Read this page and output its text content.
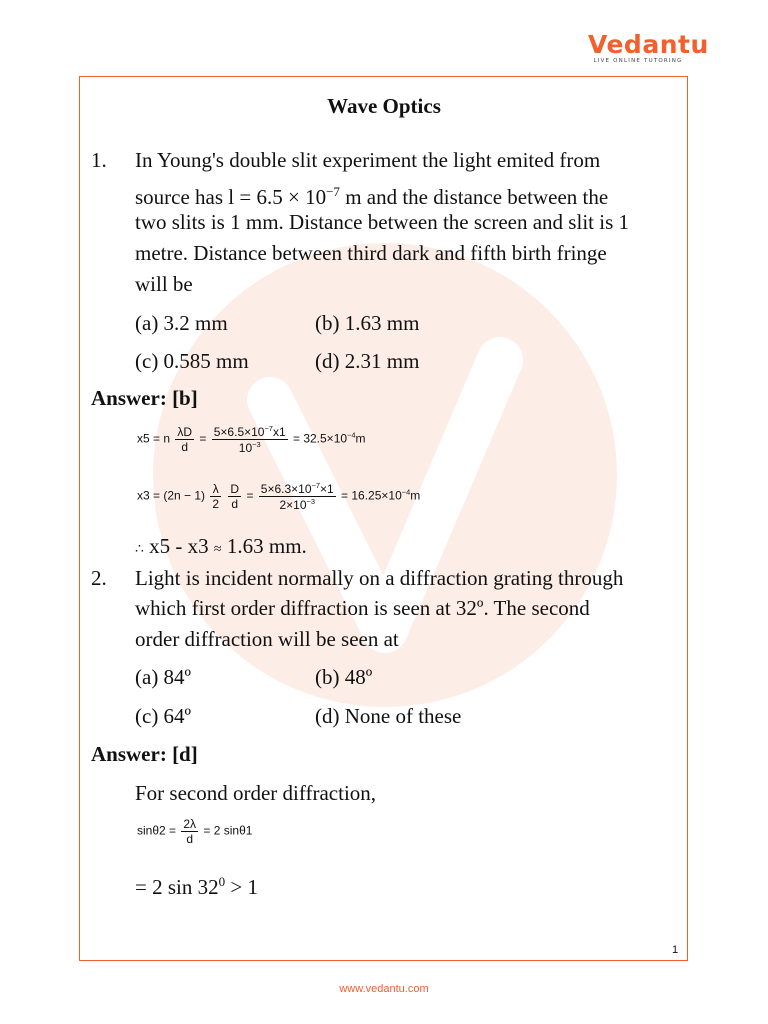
Vedantu
LIVE ONLINE TUTORING
Wave Optics
1. In Young's double slit experiment the light emited from
source has $l = 6.5 \times 10^{-7}$ m and the distance between the
two slits is 1 mm. Distance between the screen and slit is 1
metre. Distance between third dark and fifth birth fringe
will be
(a) 3.2 mm	(b) 1.63 mm
(c) 0.585 mm	(d) 2.31 mm
Answer: [b]
x5 = n $\frac{\lambda D}{d} = \frac{5\times 6.5\times 10^{-7}x1}{10^{-3}} = 32.5\times 10^{-4}m$
$x3 = (2n - 1) \frac{\lambda}{2}$
$\frac{D}{d} = \frac{5\times 6.3\times 10^{-7}\times 1}{2\times 10^{-3}} = 16.25\times 10^{-4}m$
∴ x5 - x3 ≈ 1.63 mm.
2. Light is incident normally on a diffraction grating through
which first order diffraction is seen at 32º. The second
order diffraction will be seen at
(a) 84º	(b) 48º
(c) 64º	(d) None of these
Answer: [d]
For second order diffraction,
$\sin\theta 2 = \frac{2\lambda}{d} = 2$ sinθ1
= 2 $\sin 32^0 > 1$
1
www.vedantu.com
